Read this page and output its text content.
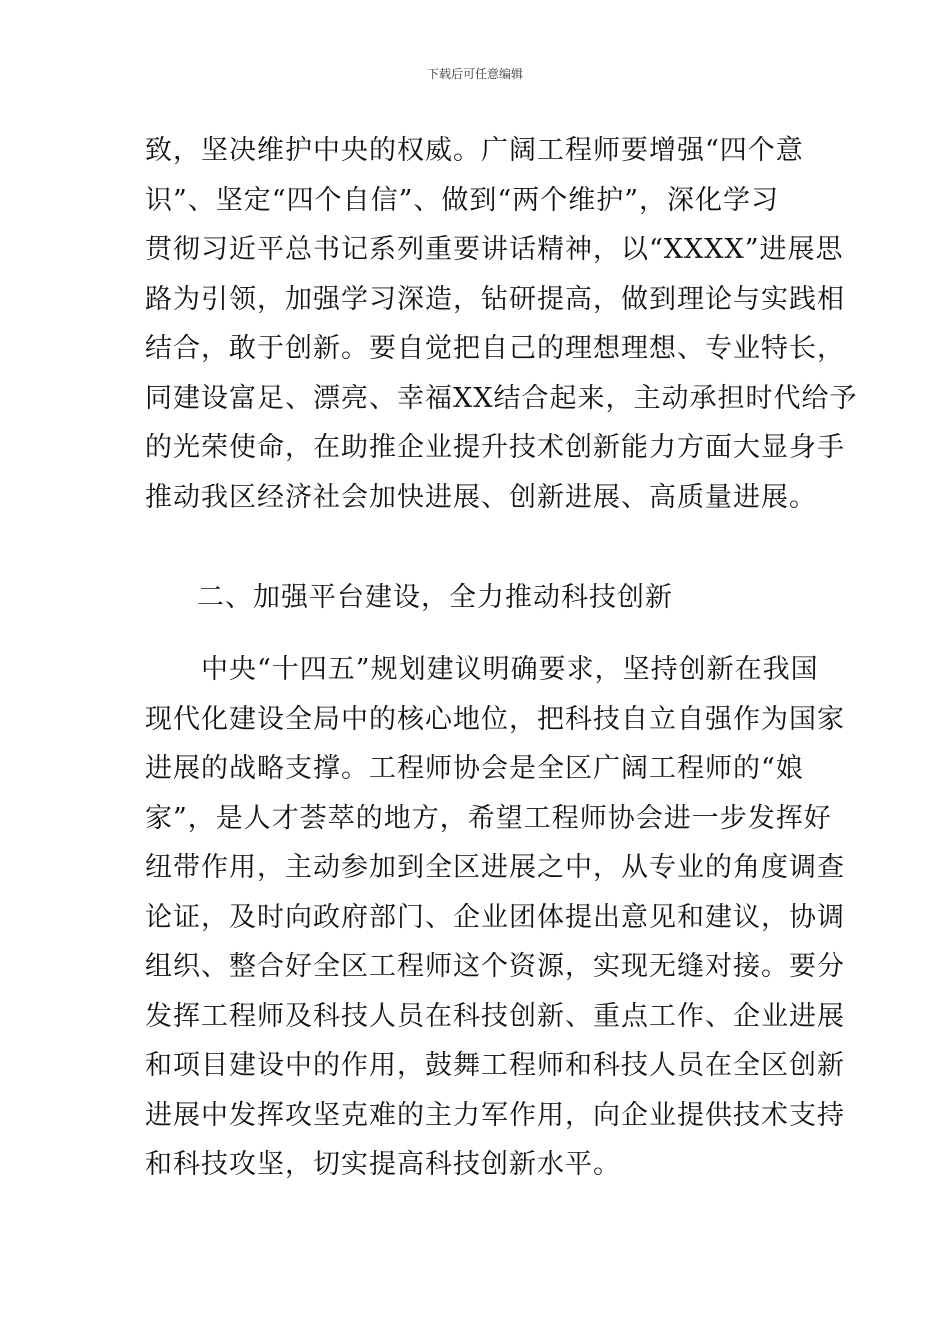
下载后可任意编辑
致，坚决维护中央的权威。广阔工程师要增强“四个意
识”、坚定“四个自信”、做到“两个维护”，深化学习
贯彻习近平总书记系列重要讲话精神，以“XXXX”进展思
路为引领，加强学习深造，钻研提高，做到理论与实践相
结合，敢于创新。要自觉把自己的理想理想、专业特长，
同建设富足、漂亮、幸福XX结合起来，主动承担时代给予
的光荣使命，在助推企业提升技术创新能力方面大显身手
推动我区经济社会加快进展、创新进展、高质量进展。
二、加强平台建设，全力推动科技创新
　　中央“十四五”规划建议明确要求，坚持创新在我国
现代化建设全局中的核心地位，把科技自立自强作为国家
进展的战略支撑。工程师协会是全区广阔工程师的“娘
家”，是人才荟萃的地方，希望工程师协会进一步发挥好
纽带作用，主动参加到全区进展之中，从专业的角度调查
论证，及时向政府部门、企业团体提出意见和建议，协调
组织、整合好全区工程师这个资源，实现无缝对接。要分
发挥工程师及科技人员在科技创新、重点工作、企业进展
和项目建设中的作用，鼓舞工程师和科技人员在全区创新
进展中发挥攻坚克难的主力军作用，向企业提供技术支持
和科技攻坚，切实提高科技创新水平。
